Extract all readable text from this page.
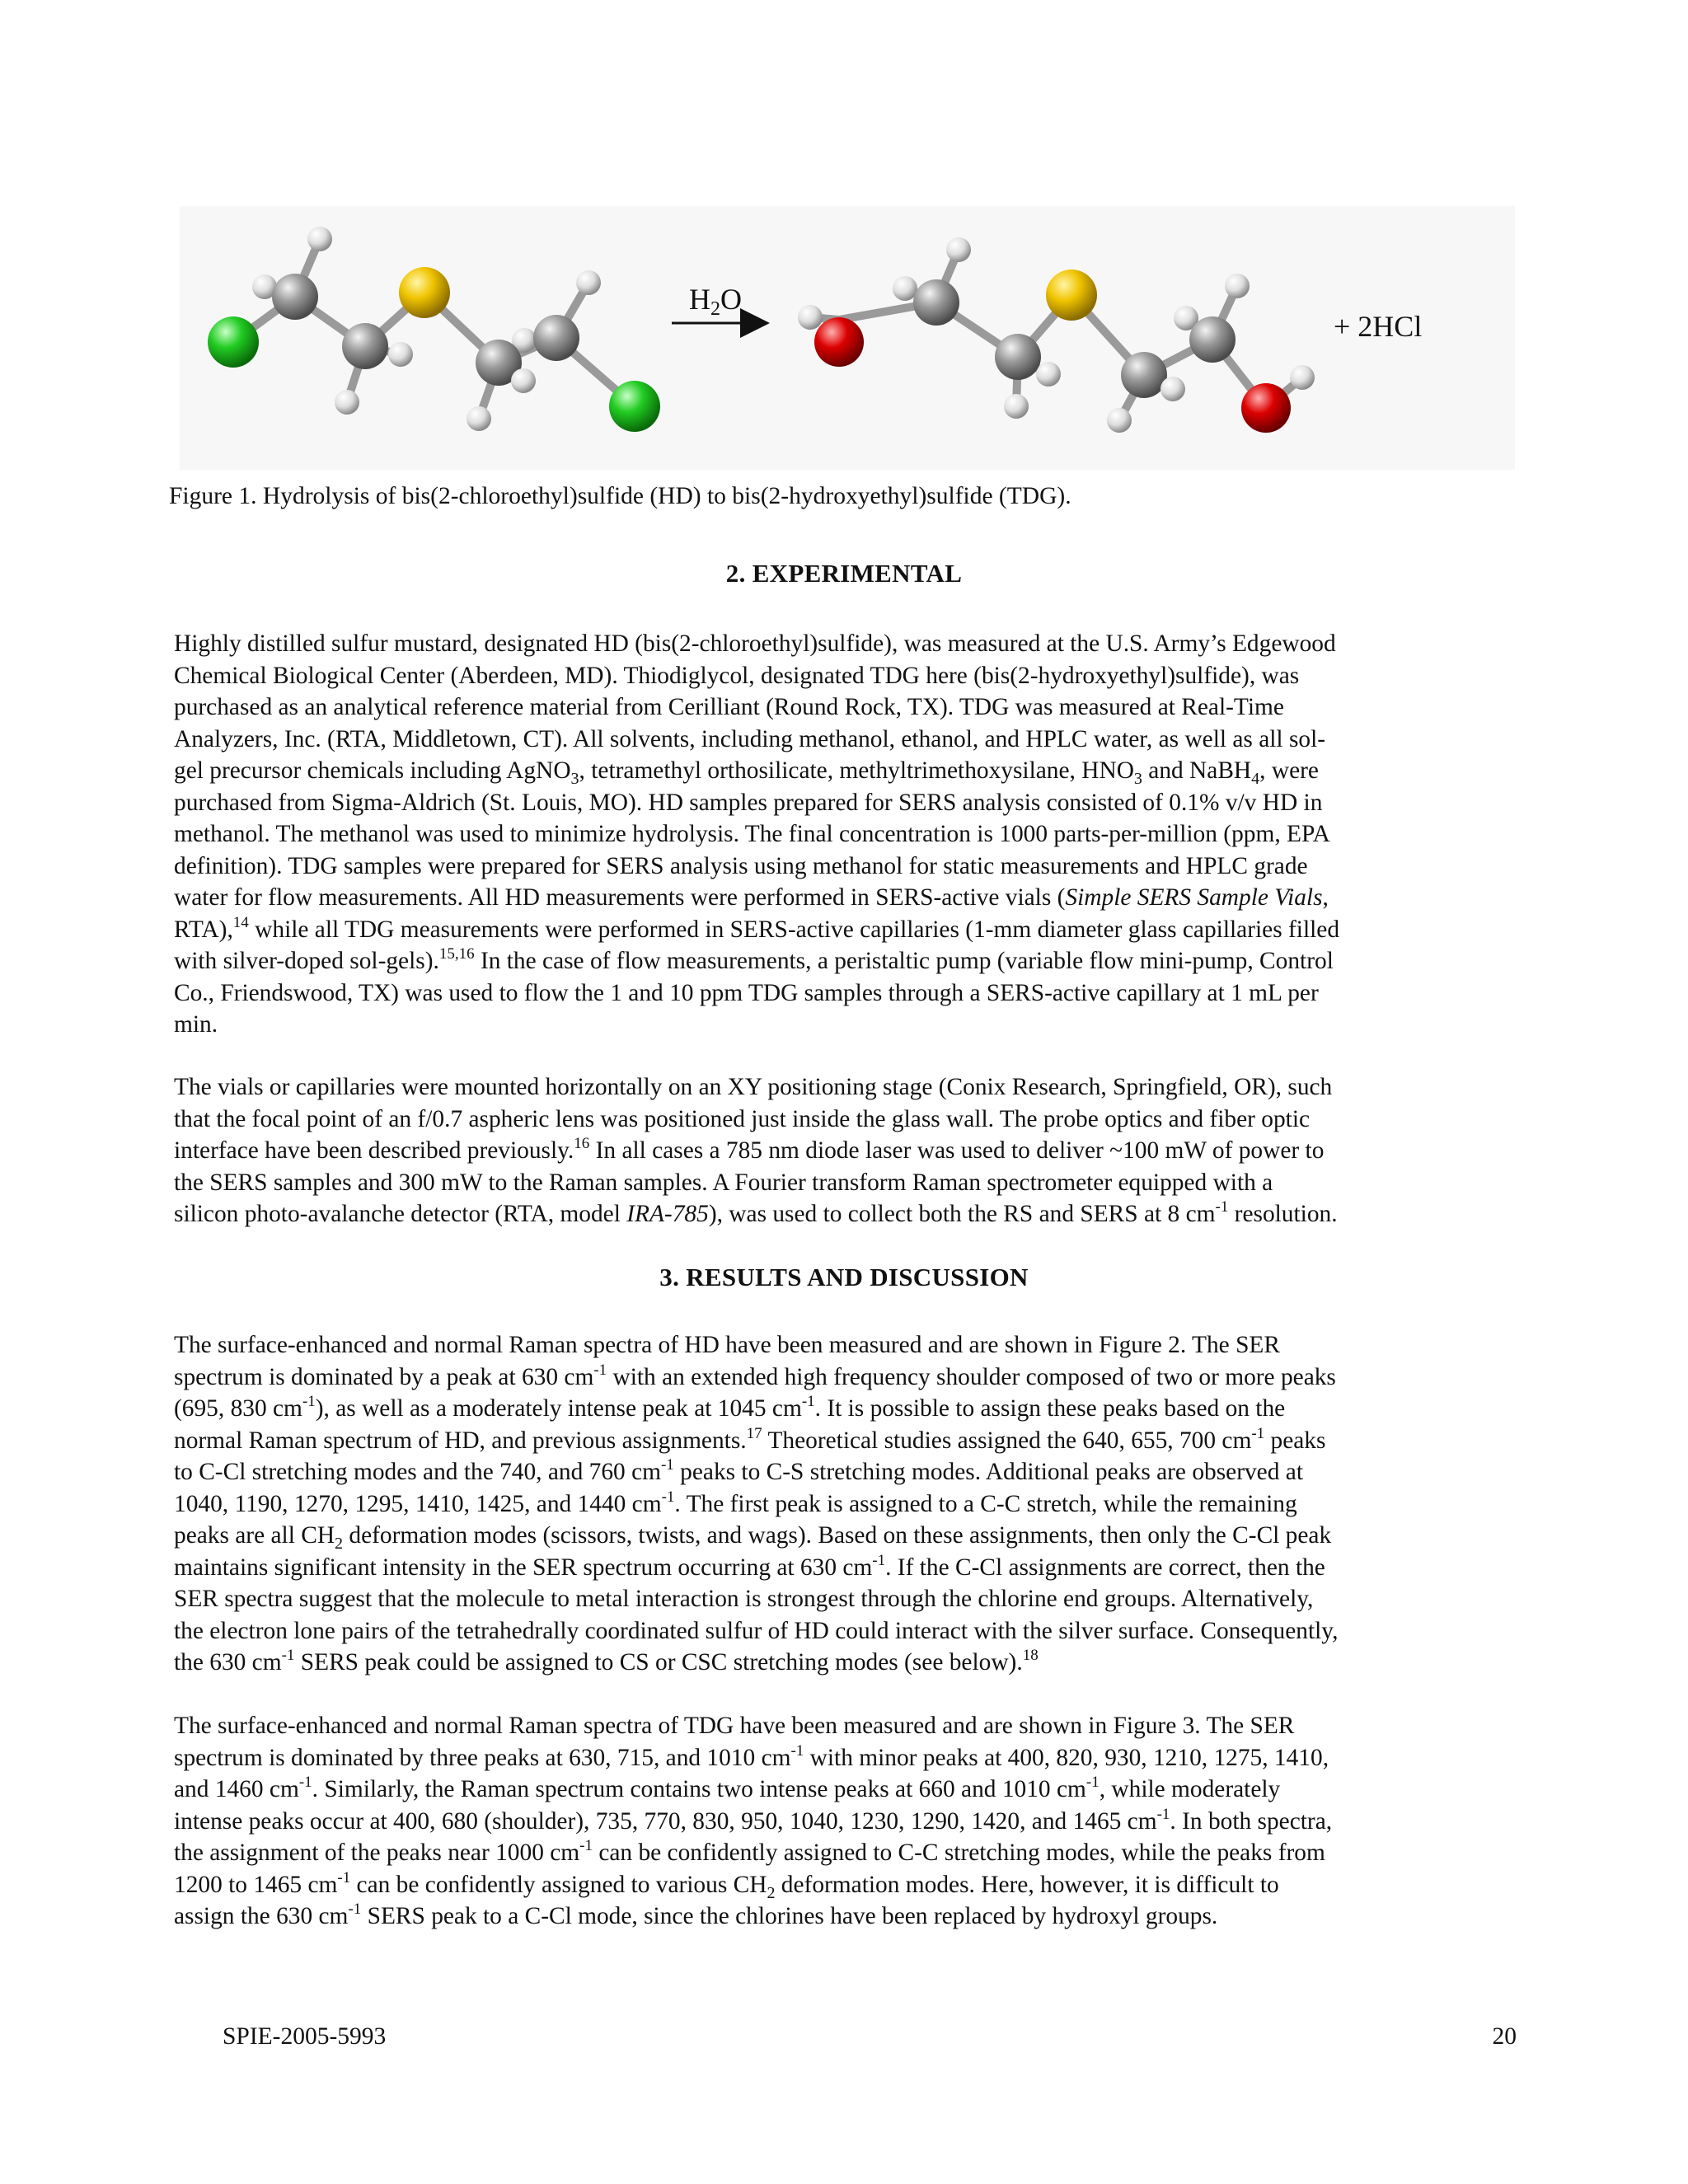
$H_2O$
+ 2HCl
Figure 1. Hydrolysis of bis(2-chloroethyl)sulfide (HD) to bis(2-hydroxyethyl)sulfide (TDG).
2. EXPERIMENTAL
Highly distilled sulfur mustard, designated HD (bis(2-chloroethyl)sulfide), was measured at the U.S. Army’s Edgewood
Chemical Biological Center (Aberdeen, MD). Thiodiglycol, designated TDG here (bis(2-hydroxyethyl)sulfide), was
purchased as an analytical reference material from Cerilliant (Round Rock, TX). TDG was measured at Real-Time
Analyzers, Inc. (RTA, Middletown, CT). All solvents, including methanol, ethanol, and HPLC water, as well as all sol-
gel precursor chemicals including AgNO$_3$, tetramethyl orthosilicate, methyltrimethoxysilane, $HNO_3$ and NaBH$_4$, were
purchased from Sigma-Aldrich (St. Louis, MO). HD samples prepared for SERS analysis consisted of 0.1% v/v HD in
methanol. The methanol was used to minimize hydrolysis. The final concentration is 1000 parts-per-million (ppm, EPA
definition). TDG samples were prepared for SERS analysis using methanol for static measurements and HPLC grade
water for flow measurements. All HD measurements were performed in SERS-active vials (Simple SERS Sample Vials,
RTA),$^{14}$ while all TDG measurements were performed in SERS-active capillaries (1-mm diameter glass capillaries filled
with silver-doped sol-gels).$^{15,16}$ In the case of flow measurements, a peristaltic pump (variable flow mini-pump, Control
Co., Friendswood, TX) was used to flow the 1 and 10 ppm TDG samples through a SERS-active capillary at 1 mL per
min.
The vials or capillaries were mounted horizontally on an XY positioning stage (Conix Research, Springfield, OR), such
that the focal point of an f/0.7 aspheric lens was positioned just inside the glass wall. The probe optics and fiber optic
interface have been described previously.$^{16}$ In all cases a 785 nm diode laser was used to deliver ~100 mW of power to
the SERS samples and 300 mW to the Raman samples. A Fourier transform Raman spectrometer equipped with a
silicon photo-avalanche detector (RTA, model IRA-785), was used to collect both the RS and SERS at 8 $cm^{-1}$ resolution.
3. RESULTS AND DISCUSSION
The surface-enhanced and normal Raman spectra of HD have been measured and are shown in Figure 2. The SER
spectrum is dominated by a peak at 630 $cm^{-1}$ with an extended high frequency shoulder composed of two or more peaks
(695, 830 $cm^{-1}$), as well as a moderately intense peak at 1045 $cm^{-1}$. It is possible to assign these peaks based on the
normal Raman spectrum of HD, and previous assignments.$^{17}$ Theoretical studies assigned the 640, 655, 700 $cm^{-1}$ peaks
to C-Cl stretching modes and the 740, and 760 $cm^{-1}$ peaks to C-S stretching modes. Additional peaks are observed at
1040, 1190, 1270, 1295, 1410, 1425, and 1440 $cm^{-1}$. The first peak is assigned to a C-C stretch, while the remaining
peaks are all $CH_2$ deformation modes (scissors, twists, and wags). Based on these assignments, then only the C-Cl peak
maintains significant intensity in the SER spectrum occurring at 630 $cm^{-1}$. If the C-Cl assignments are correct, then the
SER spectra suggest that the molecule to metal interaction is strongest through the chlorine end groups. Alternatively,
the electron lone pairs of the tetrahedrally coordinated sulfur of HD could interact with the silver surface. Consequently,
the 630 $cm^{-1}$ SERS peak could be assigned to CS or CSC stretching modes (see below).$^{18}$
The surface-enhanced and normal Raman spectra of TDG have been measured and are shown in Figure 3. The SER
spectrum is dominated by three peaks at 630, 715, and 1010 $cm^{-1}$ with minor peaks at 400, 820, 930, 1210, 1275, 1410,
and 1460 $cm^{-1}$. Similarly, the Raman spectrum contains two intense peaks at 660 and 1010 $cm^{-1}$, while moderately
intense peaks occur at 400, 680 (shoulder), 735, 770, 830, 950, 1040, 1230, 1290, 1420, and 1465 $cm^{-1}$. In both spectra,
the assignment of the peaks near 1000 $cm^{-1}$ can be confidently assigned to C-C stretching modes, while the peaks from
1200 to 1465 $cm^{-1}$ can be confidently assigned to various $CH_2$ deformation modes. Here, however, it is difficult to
assign the 630 $cm^{-1}$ SERS peak to a C-Cl mode, since the chlorines have been replaced by hydroxyl groups.
SPIE-2005-5993	20
